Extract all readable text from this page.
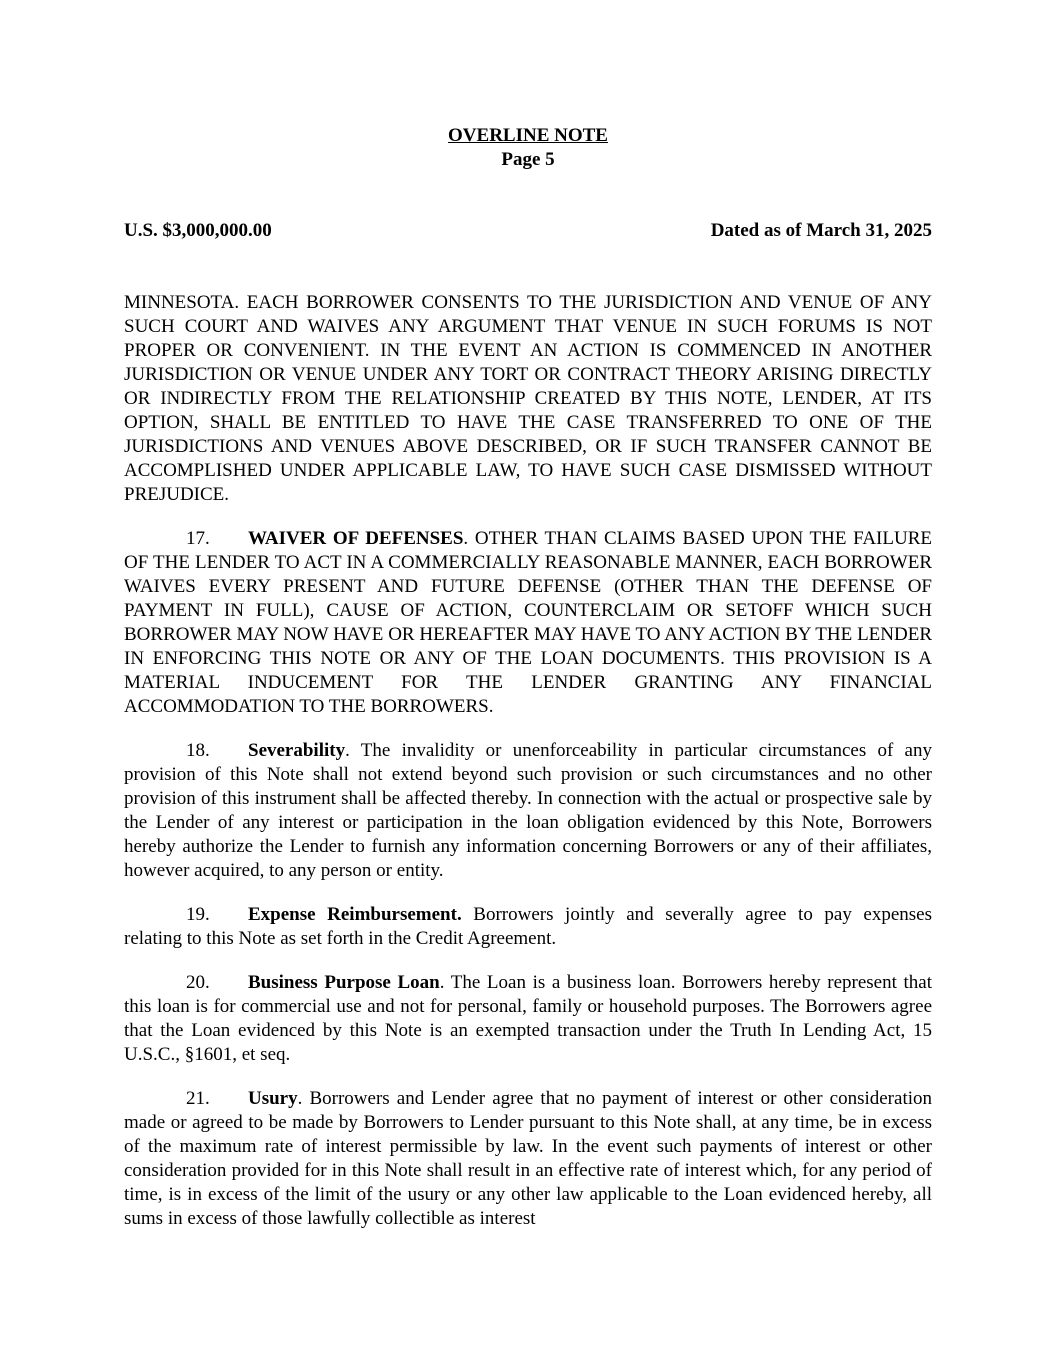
OVERLINE NOTE

Page 5

U.S. $3,000,000.00	Dated as of March 31, 2025

MINNESOTA. EACH BORROWER CONSENTS TO THE JURISDICTION AND VENUE OF ANY SUCH COURT AND WAIVES ANY ARGUMENT THAT VENUE IN SUCH FORUMS IS NOT PROPER OR CONVENIENT. IN THE EVENT AN ACTION IS COMMENCED IN ANOTHER JURISDICTION OR VENUE UNDER ANY TORT OR CONTRACT THEORY ARISING DIRECTLY OR INDIRECTLY FROM THE RELATIONSHIP CREATED BY THIS NOTE, LENDER, AT ITS OPTION, SHALL BE ENTITLED TO HAVE THE CASE TRANSFERRED TO ONE OF THE JURISDICTIONS AND VENUES ABOVE DESCRIBED, OR IF SUCH TRANSFER CANNOT BE ACCOMPLISHED UNDER APPLICABLE LAW, TO HAVE SUCH CASE DISMISSED WITHOUT PREJUDICE.

17. WAIVER OF DEFENSES. OTHER THAN CLAIMS BASED UPON THE FAILURE OF THE LENDER TO ACT IN A COMMERCIALLY REASONABLE MANNER, EACH BORROWER WAIVES EVERY PRESENT AND FUTURE DEFENSE (OTHER THAN THE DEFENSE OF PAYMENT IN FULL), CAUSE OF ACTION, COUNTERCLAIM OR SETOFF WHICH SUCH BORROWER MAY NOW HAVE OR HEREAFTER MAY HAVE TO ANY ACTION BY THE LENDER IN ENFORCING THIS NOTE OR ANY OF THE LOAN DOCUMENTS. THIS PROVISION IS A MATERIAL INDUCEMENT FOR THE LENDER GRANTING ANY FINANCIAL ACCOMMODATION TO THE BORROWERS.

18. Severability. The invalidity or unenforceability in particular circumstances of any provision of this Note shall not extend beyond such provision or such circumstances and no other provision of this instrument shall be affected thereby. In connection with the actual or prospective sale by the Lender of any interest or participation in the loan obligation evidenced by this Note, Borrowers hereby authorize the Lender to furnish any information concerning Borrowers or any of their affiliates, however acquired, to any person or entity.

19. Expense Reimbursement. Borrowers jointly and severally agree to pay expenses relating to this Note as set forth in the Credit Agreement.

20. Business Purpose Loan. The Loan is a business loan. Borrowers hereby represent that this loan is for commercial use and not for personal, family or household purposes. The Borrowers agree that the Loan evidenced by this Note is an exempted transaction under the Truth In Lending Act, 15 U.S.C., §1601, et seq.

21. Usury. Borrowers and Lender agree that no payment of interest or other consideration made or agreed to be made by Borrowers to Lender pursuant to this Note shall, at any time, be in excess of the maximum rate of interest permissible by law. In the event such payments of interest or other consideration provided for in this Note shall result in an effective rate of interest which, for any period of time, is in excess of the limit of the usury or any other law applicable to the Loan evidenced hereby, all sums in excess of those lawfully collectible as interest
